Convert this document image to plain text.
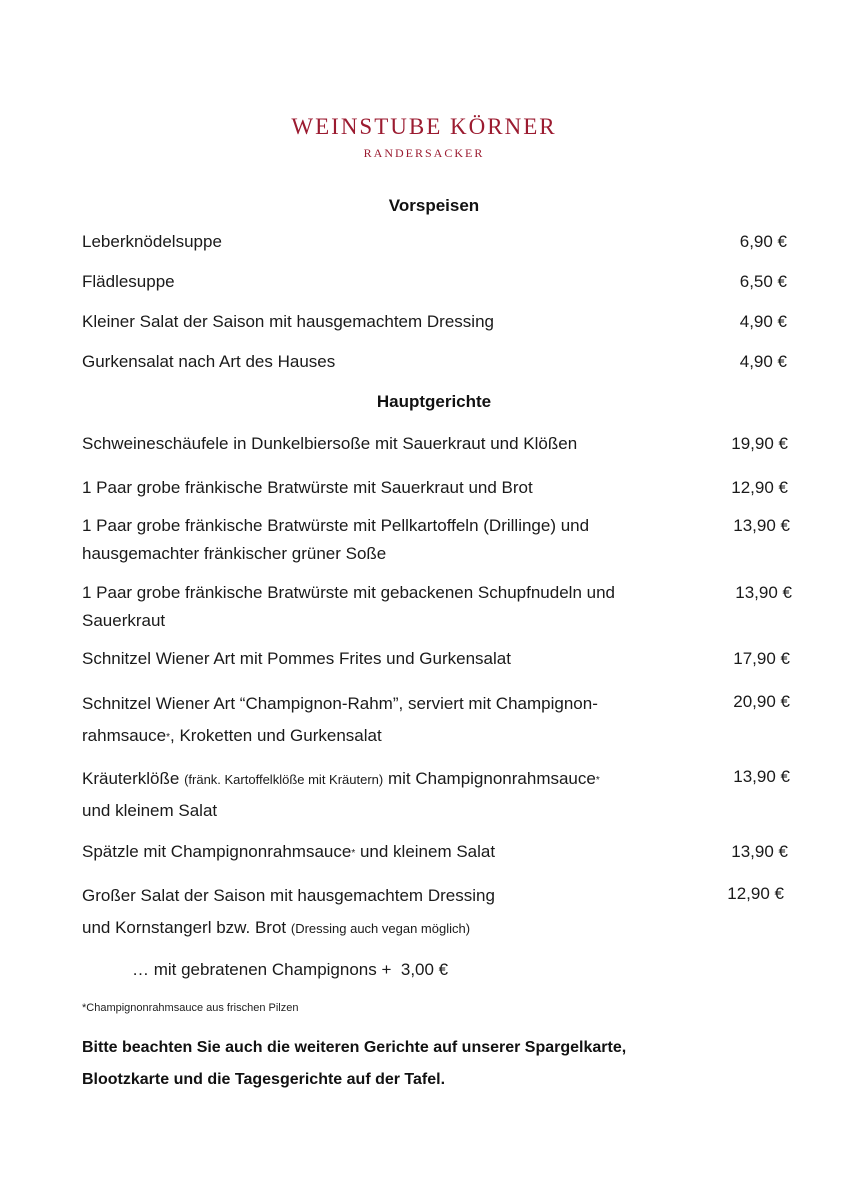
WEINSTUBE KÖRNER
RANDERSACKER
Vorspeisen
Leberknödelsuppe	6,90 €
Flädlesuppe	6,50 €
Kleiner Salat der Saison mit hausgemachtem Dressing	4,90 €
Gurkensalat nach Art des Hauses	4,90 €
Hauptgerichte
Schweineschäufele in Dunkelbiersoße mit Sauerkraut und Klößen	19,90 €
1 Paar grobe fränkische Bratwürste mit Sauerkraut und Brot	12,90 €
1 Paar grobe fränkische Bratwürste mit Pellkartoffeln (Drillinge) und
hausgemachter fränkischer grüner Soße
13,90 €
1 Paar grobe fränkische Bratwürste mit gebackenen Schupfnudeln und
Sauerkraut
13,90 €
Schnitzel Wiener Art mit Pommes Frites und Gurkensalat	17,90 €
Schnitzel Wiener Art “Champignon-Rahm”, serviert mit Champignon-
rahmsauce*, Kroketten und Gurkensalat
20,90 €
Kräuterklöße (fränk. Kartoffelklöße mit Kräutern) mit Champignonrahmsauce*
und kleinem Salat
13,90 €
Spätzle mit Champignonrahmsauce* und kleinem Salat	13,90 €
Großer Salat der Saison mit hausgemachtem Dressing
und Kornstangerl bzw. Brot (Dressing auch vegan möglich)
12,90 €
… mit gebratenen Champignons + 3,00 €
*Champignonrahmsauce aus frischen Pilzen
Bitte beachten Sie auch die weiteren Gerichte auf unserer Spargelkarte,
Blootzkarte und die Tagesgerichte auf der Tafel.
